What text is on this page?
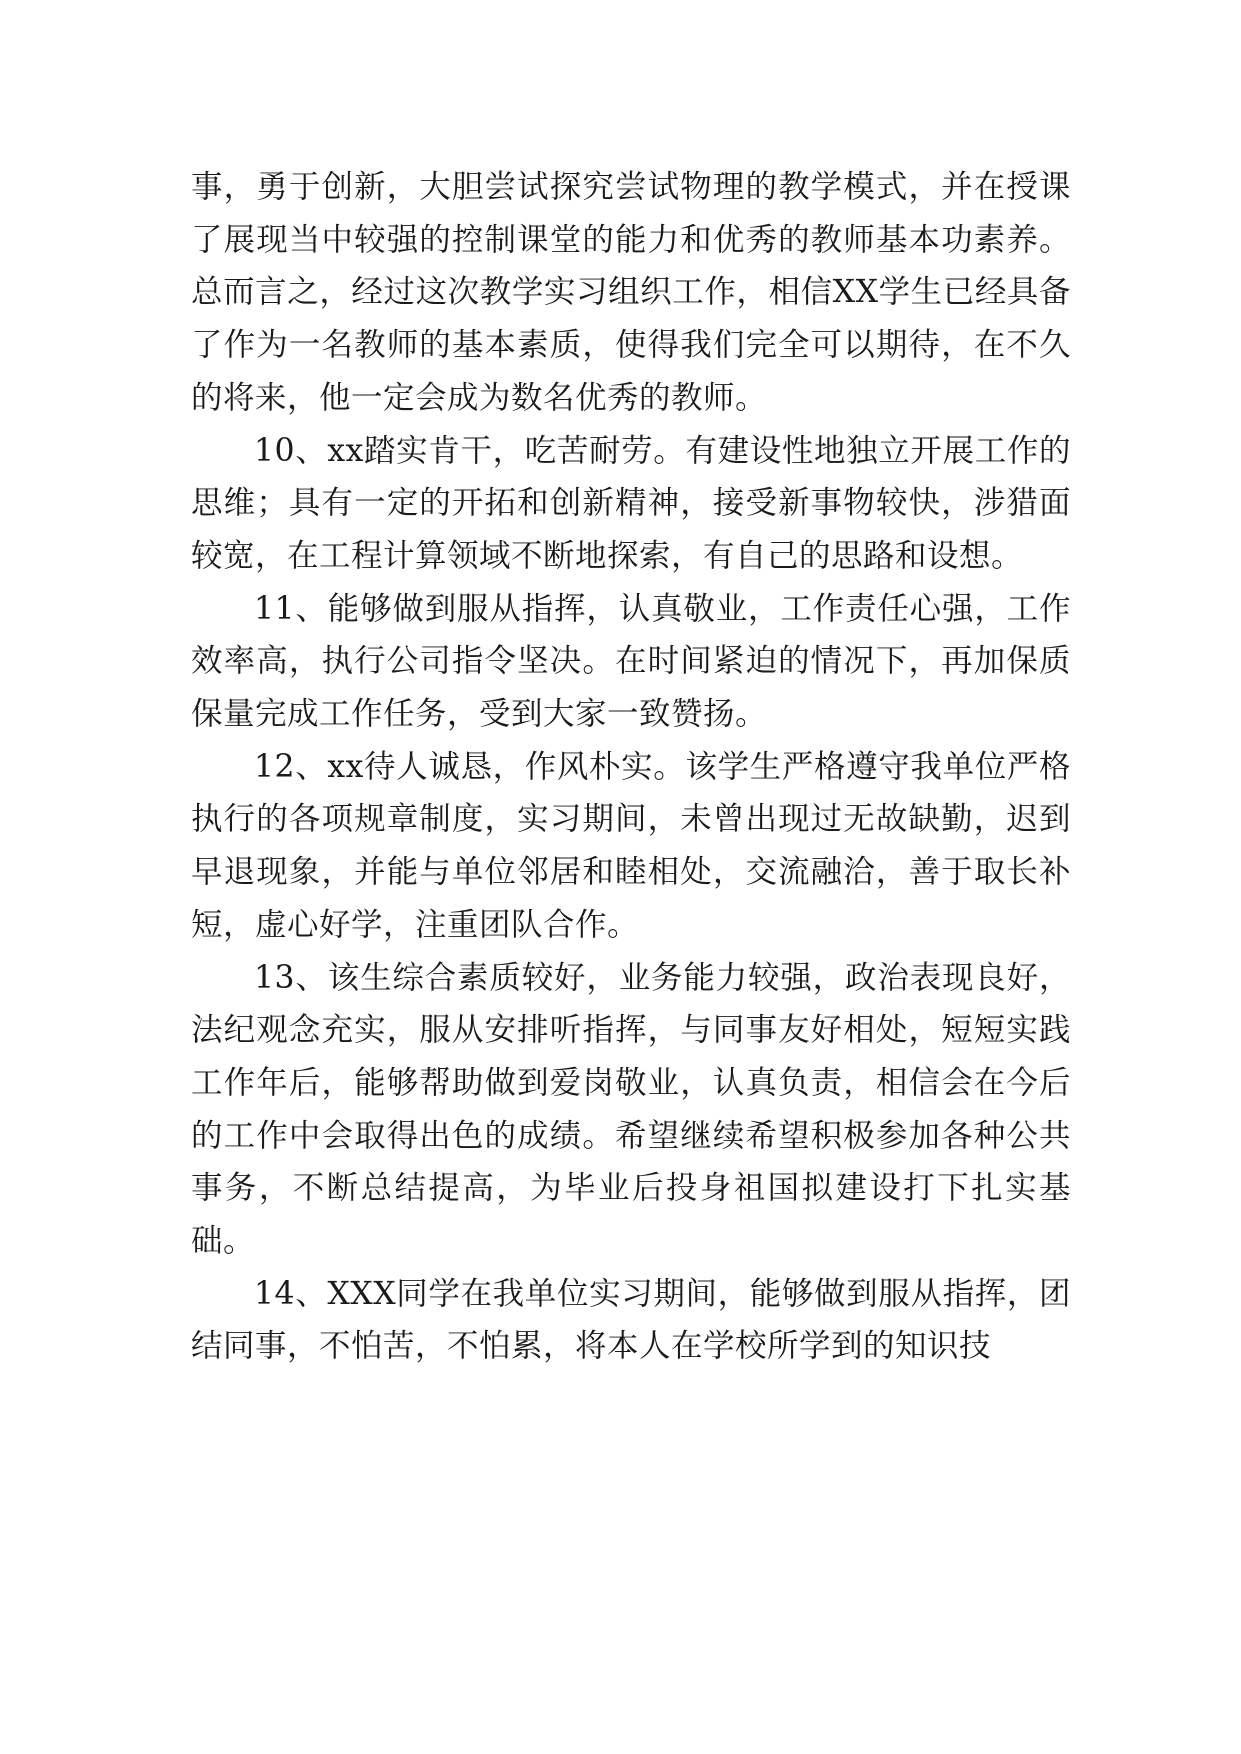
事，勇于创新，大胆尝试探究尝试物理的教学模式，并在授课了展现当中较强的控制课堂的能力和优秀的教师基本功素养。总而言之，经过这次教学实习组织工作，相信XX学生已经具备了作为一名教师的基本素质，使得我们完全可以期待，在不久的将来，他一定会成为数名优秀的教师。

10、xx踏实肯干，吃苦耐劳。有建设性地独立开展工作的思维；具有一定的开拓和创新精神，接受新事物较快，涉猎面较宽，在工程计算领域不断地探索，有自己的思路和设想。

11、能够做到服从指挥，认真敬业，工作责任心强，工作效率高，执行公司指令坚决。在时间紧迫的情况下，再加保质保量完成工作任务，受到大家一致赞扬。

12、xx待人诚恳，作风朴实。该学生严格遵守我单位严格执行的各项规章制度，实习期间，未曾出现过无故缺勤，迟到早退现象，并能与单位邻居和睦相处，交流融洽，善于取长补短，虚心好学，注重团队合作。

13、该生综合素质较好，业务能力较强，政治表现良好，法纪观念充实，服从安排听指挥，与同事友好相处，短短实践工作年后，能够帮助做到爱岗敬业，认真负责，相信会在今后的工作中会取得出色的成绩。希望继续希望积极参加各种公共事务，不断总结提高，为毕业后投身祖国拟建设打下扎实基础。

14、XXX同学在我单位实习期间，能够做到服从指挥，团结同事，不怕苦，不怕累，将本人在学校所学到的知识技
